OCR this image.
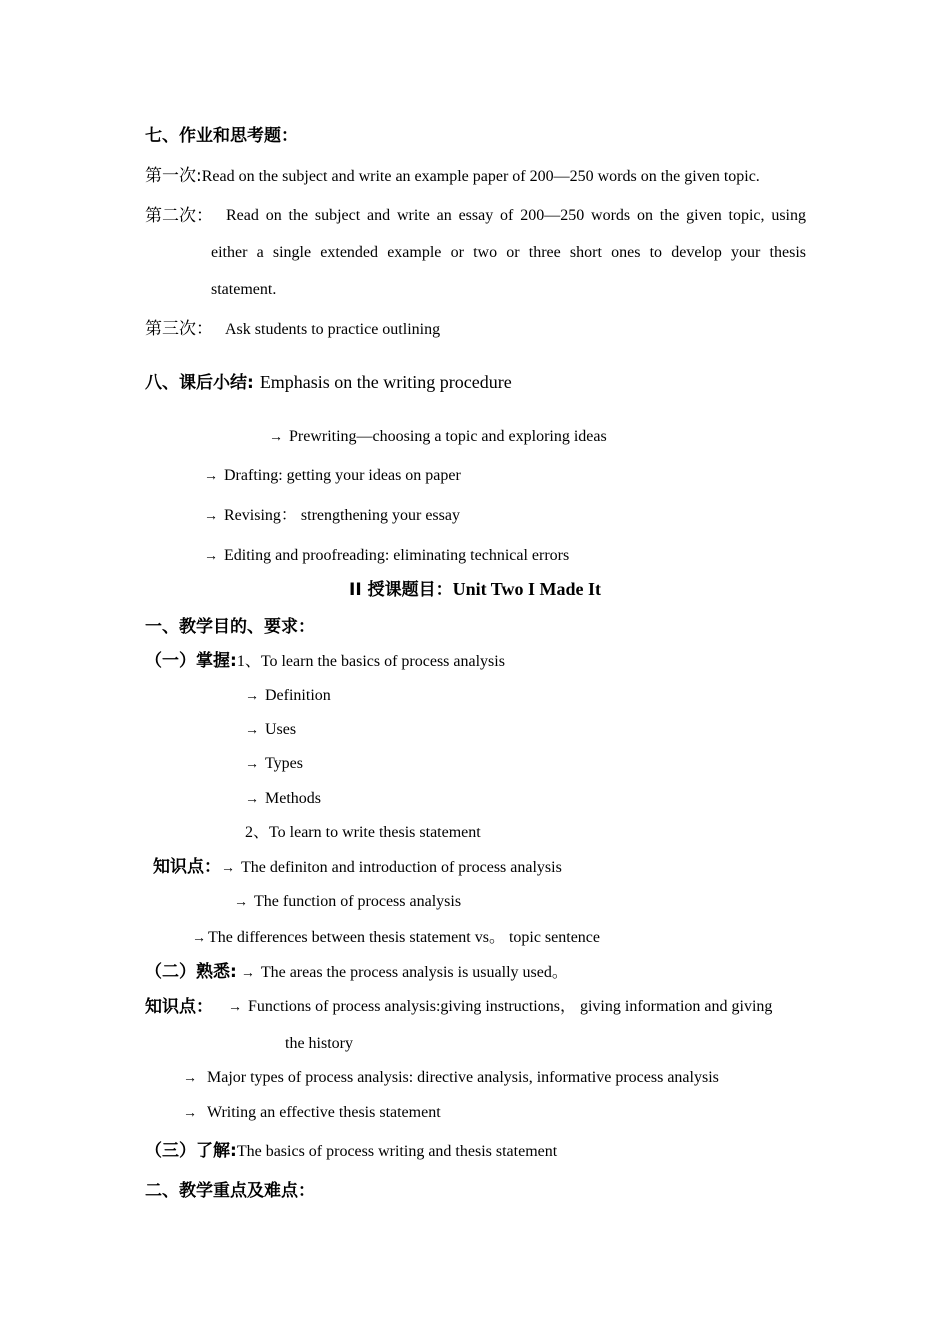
七、作业和思考题：
第一次:Read on the subject and write an example paper of 200—250 words on the given topic.
第二次： Read on the subject and write an essay of 200—250 words on the given topic, using
either a single extended example or two or three short ones to develop your thesis
statement.
第三次： Ask students to practice outlining
八、课后小结: Emphasis on the writing procedure
→ Prewriting—choosing a topic and exploring ideas
→ Drafting: getting your ideas on paper
→ Revising： strengthening your essay
→ Editing and proofreading: eliminating technical errors
II 授课题目：Unit Two I Made It
一、教学目的、要求：
（一）掌握:1、To learn the basics of process analysis
→ Definition
→ Uses
→ Types
→ Methods
2、To learn to write thesis statement
知识点：→ The definiton and introduction of process analysis
→ The function of process analysis
→ The differences between thesis statement vs。 topic sentence
（二）熟悉: → The areas the process analysis is usually used。
知识点： → Functions of process analysis:giving instructions， giving information and giving
the history
→ Major types of process analysis: directive analysis, informative process analysis
→ Writing an effective thesis statement
（三）了解:The basics of process writing and thesis statement
二、教学重点及难点：
